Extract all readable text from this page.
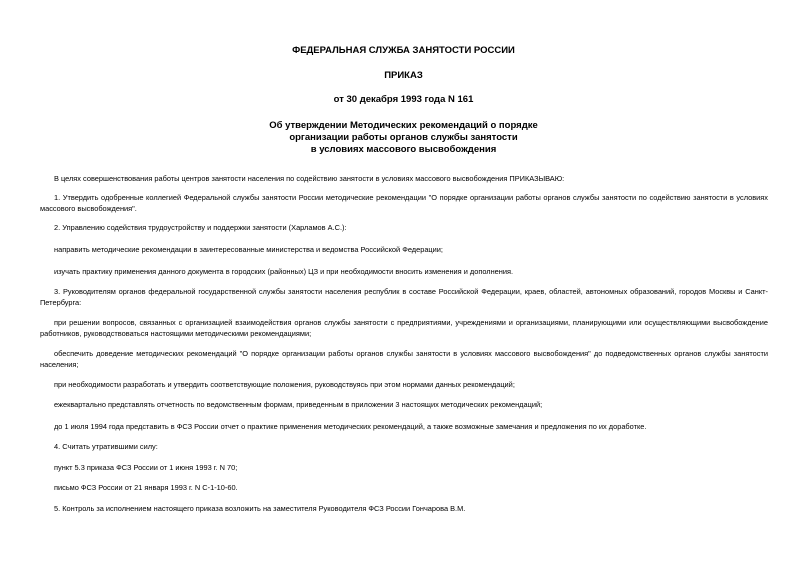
ФЕДЕРАЛЬНАЯ СЛУЖБА ЗАНЯТОСТИ РОССИИ
ПРИКАЗ
от 30 декабря 1993 года N 161
Об утверждении Методических рекомендаций о порядке
организации работы органов службы занятости
в условиях массового высвобождения
В целях совершенствования работы центров занятости населения по содействию занятости в условиях массового высвобождения ПРИКАЗЫВАЮ:
1. Утвердить одобренные коллегией Федеральной службы занятости России методические рекомендации "О порядке организации работы органов службы занятости по содействию занятости в условиях массового высвобождения".
2. Управлению содействия трудоустройству и поддержки занятости (Харламов А.С.):
направить методические рекомендации в заинтересованные министерства и ведомства Российской Федерации;
изучать практику применения данного документа в городских (районных) ЦЗ и при необходимости вносить изменения и дополнения.
3. Руководителям органов федеральной государственной службы занятости населения республик в составе Российской Федерации, краев, областей, автономных образований, городов Москвы и Санкт-Петербурга:
при решении вопросов, связанных с организацией взаимодействия органов службы занятости с предприятиями, учреждениями и организациями, планирующими или осуществляющими высвобождение работников, руководствоваться настоящими методическими рекомендациями;
обеспечить доведение методических рекомендаций "О порядке организации работы органов службы занятости в условиях массового высвобождения" до подведомственных органов службы занятости населения;
при необходимости разработать и утвердить соответствующие положения, руководствуясь при этом нормами данных рекомендаций;
ежеквартально представлять отчетность по ведомственным формам, приведенным в приложении 3 настоящих методических рекомендаций;
до 1 июля 1994 года представить в ФСЗ России отчет о практике применения методических рекомендаций, а также возможные замечания и предложения по их доработке.
4. Считать утратившими силу:
пункт 5.3 приказа ФСЗ России от 1 июня 1993 г. N 70;
письмо ФСЗ России от 21 января 1993 г. N С-1-10-60.
5. Контроль за исполнением настоящего приказа возложить на заместителя Руководителя ФСЗ России Гончарова В.М.
